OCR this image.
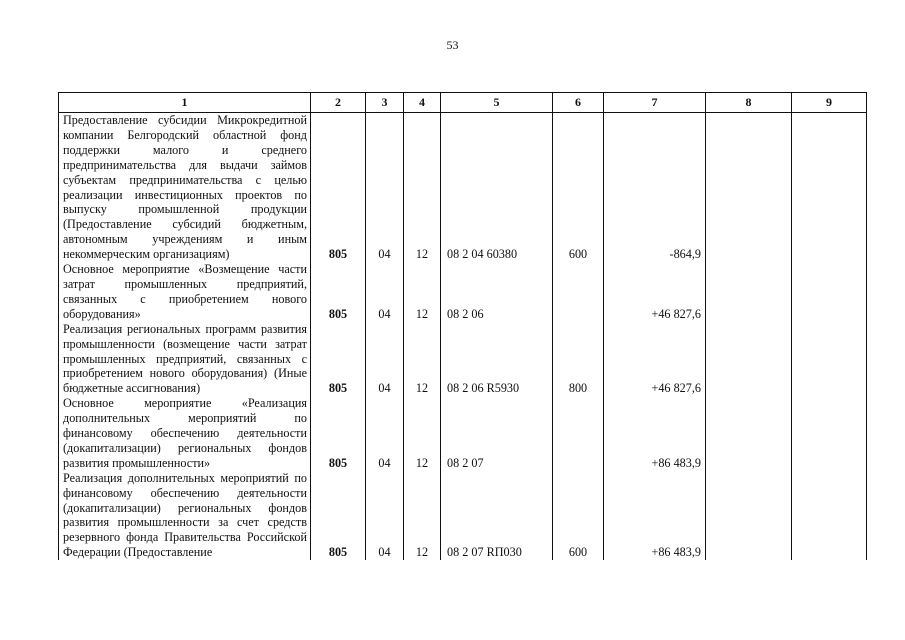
53
1	2	3	4	5	6	7	8	9
Предоставление субсидии Микрокредитной компании Белгородский областной фонд поддержки малого и среднего предпринимательства для выдачи займов субъектам предпринимательства с целью реализации инвестиционных проектов по выпуску промышленной продукции (Предоставление субсидий бюджетным, автономным учреждениям и иным некоммерческим организациям)	805	04	12	08 2 04 60380	600	-864,9		
Основное мероприятие «Возмещение части затрат промышленных предприятий, связанных с приобретением нового оборудования»	805	04	12	08 2 06		+46 827,6		
Реализация региональных программ развития промышленности (возмещение части затрат промышленных предприятий, связанных с приобретением нового оборудования) (Иные бюджетные ассигнования)	805	04	12	08 2 06 R5930	800	+46 827,6		
Основное мероприятие «Реализация дополнительных мероприятий по финансовому обеспечению деятельности (докапитализации) региональных фондов развития промышленности»	805	04	12	08 2 07		+86 483,9		
Реализация дополнительных мероприятий по финансовому обеспечению деятельности (докапитализации) региональных фондов развития промышленности за счет средств резервного фонда Правительства Российской Федерации (Предоставление	805	04	12	08 2 07 RП030	600	+86 483,9		
